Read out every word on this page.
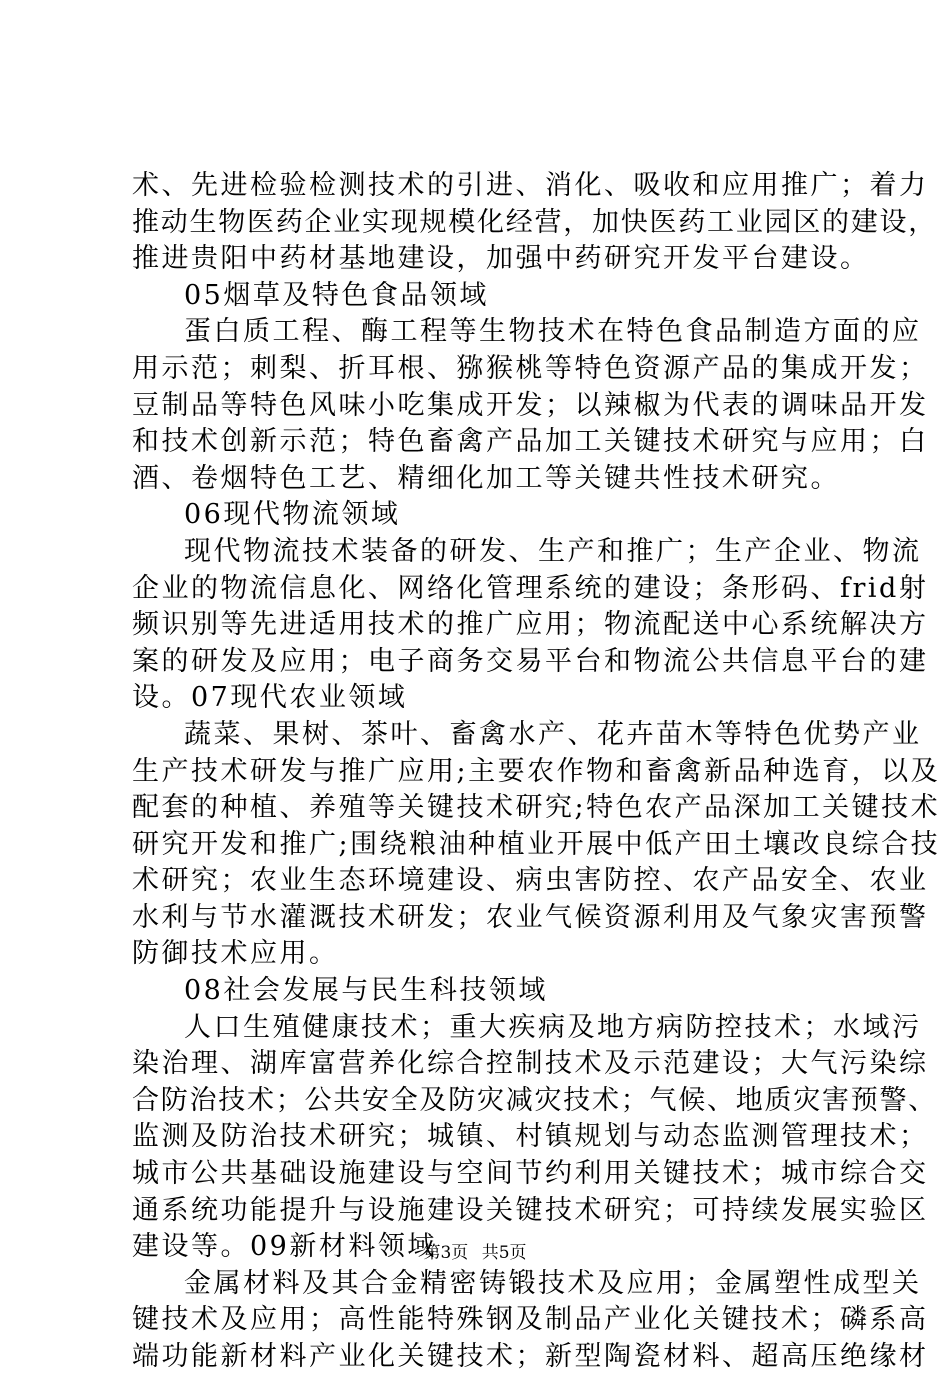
术、先进检验检测技术的引进、消化、吸收和应用推广；着力
推动生物医药企业实现规模化经营，加快医药工业园区的建设，
推进贵阳中药材基地建设，加强中药研究开发平台建设。
05烟草及特色食品领域
蛋白质工程、酶工程等生物技术在特色食品制造方面的应
用示范；刺梨、折耳根、猕猴桃等特色资源产品的集成开发；
豆制品等特色风味小吃集成开发；以辣椒为代表的调味品开发
和技术创新示范；特色畜禽产品加工关键技术研究与应用；白
酒、卷烟特色工艺、精细化加工等关键共性技术研究。
06现代物流领域
现代物流技术装备的研发、生产和推广；生产企业、物流
企业的物流信息化、网络化管理系统的建设；条形码、frid射
频识别等先进适用技术的推广应用；物流配送中心系统解决方
案的研发及应用；电子商务交易平台和物流公共信息平台的建
设。07现代农业领域
蔬菜、果树、茶叶、畜禽水产、花卉苗木等特色优势产业
生产技术研发与推广应用;主要农作物和畜禽新品种选育，以及
配套的种植、养殖等关键技术研究;特色农产品深加工关键技术
研究开发和推广;围绕粮油种植业开展中低产田土壤改良综合技
术研究；农业生态环境建设、病虫害防控、农产品安全、农业
水利与节水灌溉技术研发；农业气候资源利用及气象灾害预警
防御技术应用。
08社会发展与民生科技领域
人口生殖健康技术；重大疾病及地方病防控技术；水域污
染治理、湖库富营养化综合控制技术及示范建设；大气污染综
合防治技术；公共安全及防灾减灾技术；气候、地质灾害预警、
监测及防治技术研究；城镇、村镇规划与动态监测管理技术；
城市公共基础设施建设与空间节约利用关键技术；城市综合交
通系统功能提升与设施建设关键技术研究；可持续发展实验区
建设等。09新材料领域
金属材料及其合金精密铸锻技术及应用；金属塑性成型关
键技术及应用；高性能特殊钢及制品产业化关键技术；磷系高
端功能新材料产业化关键技术；新型陶瓷材料、超高压绝缘材
第3页 共5页
